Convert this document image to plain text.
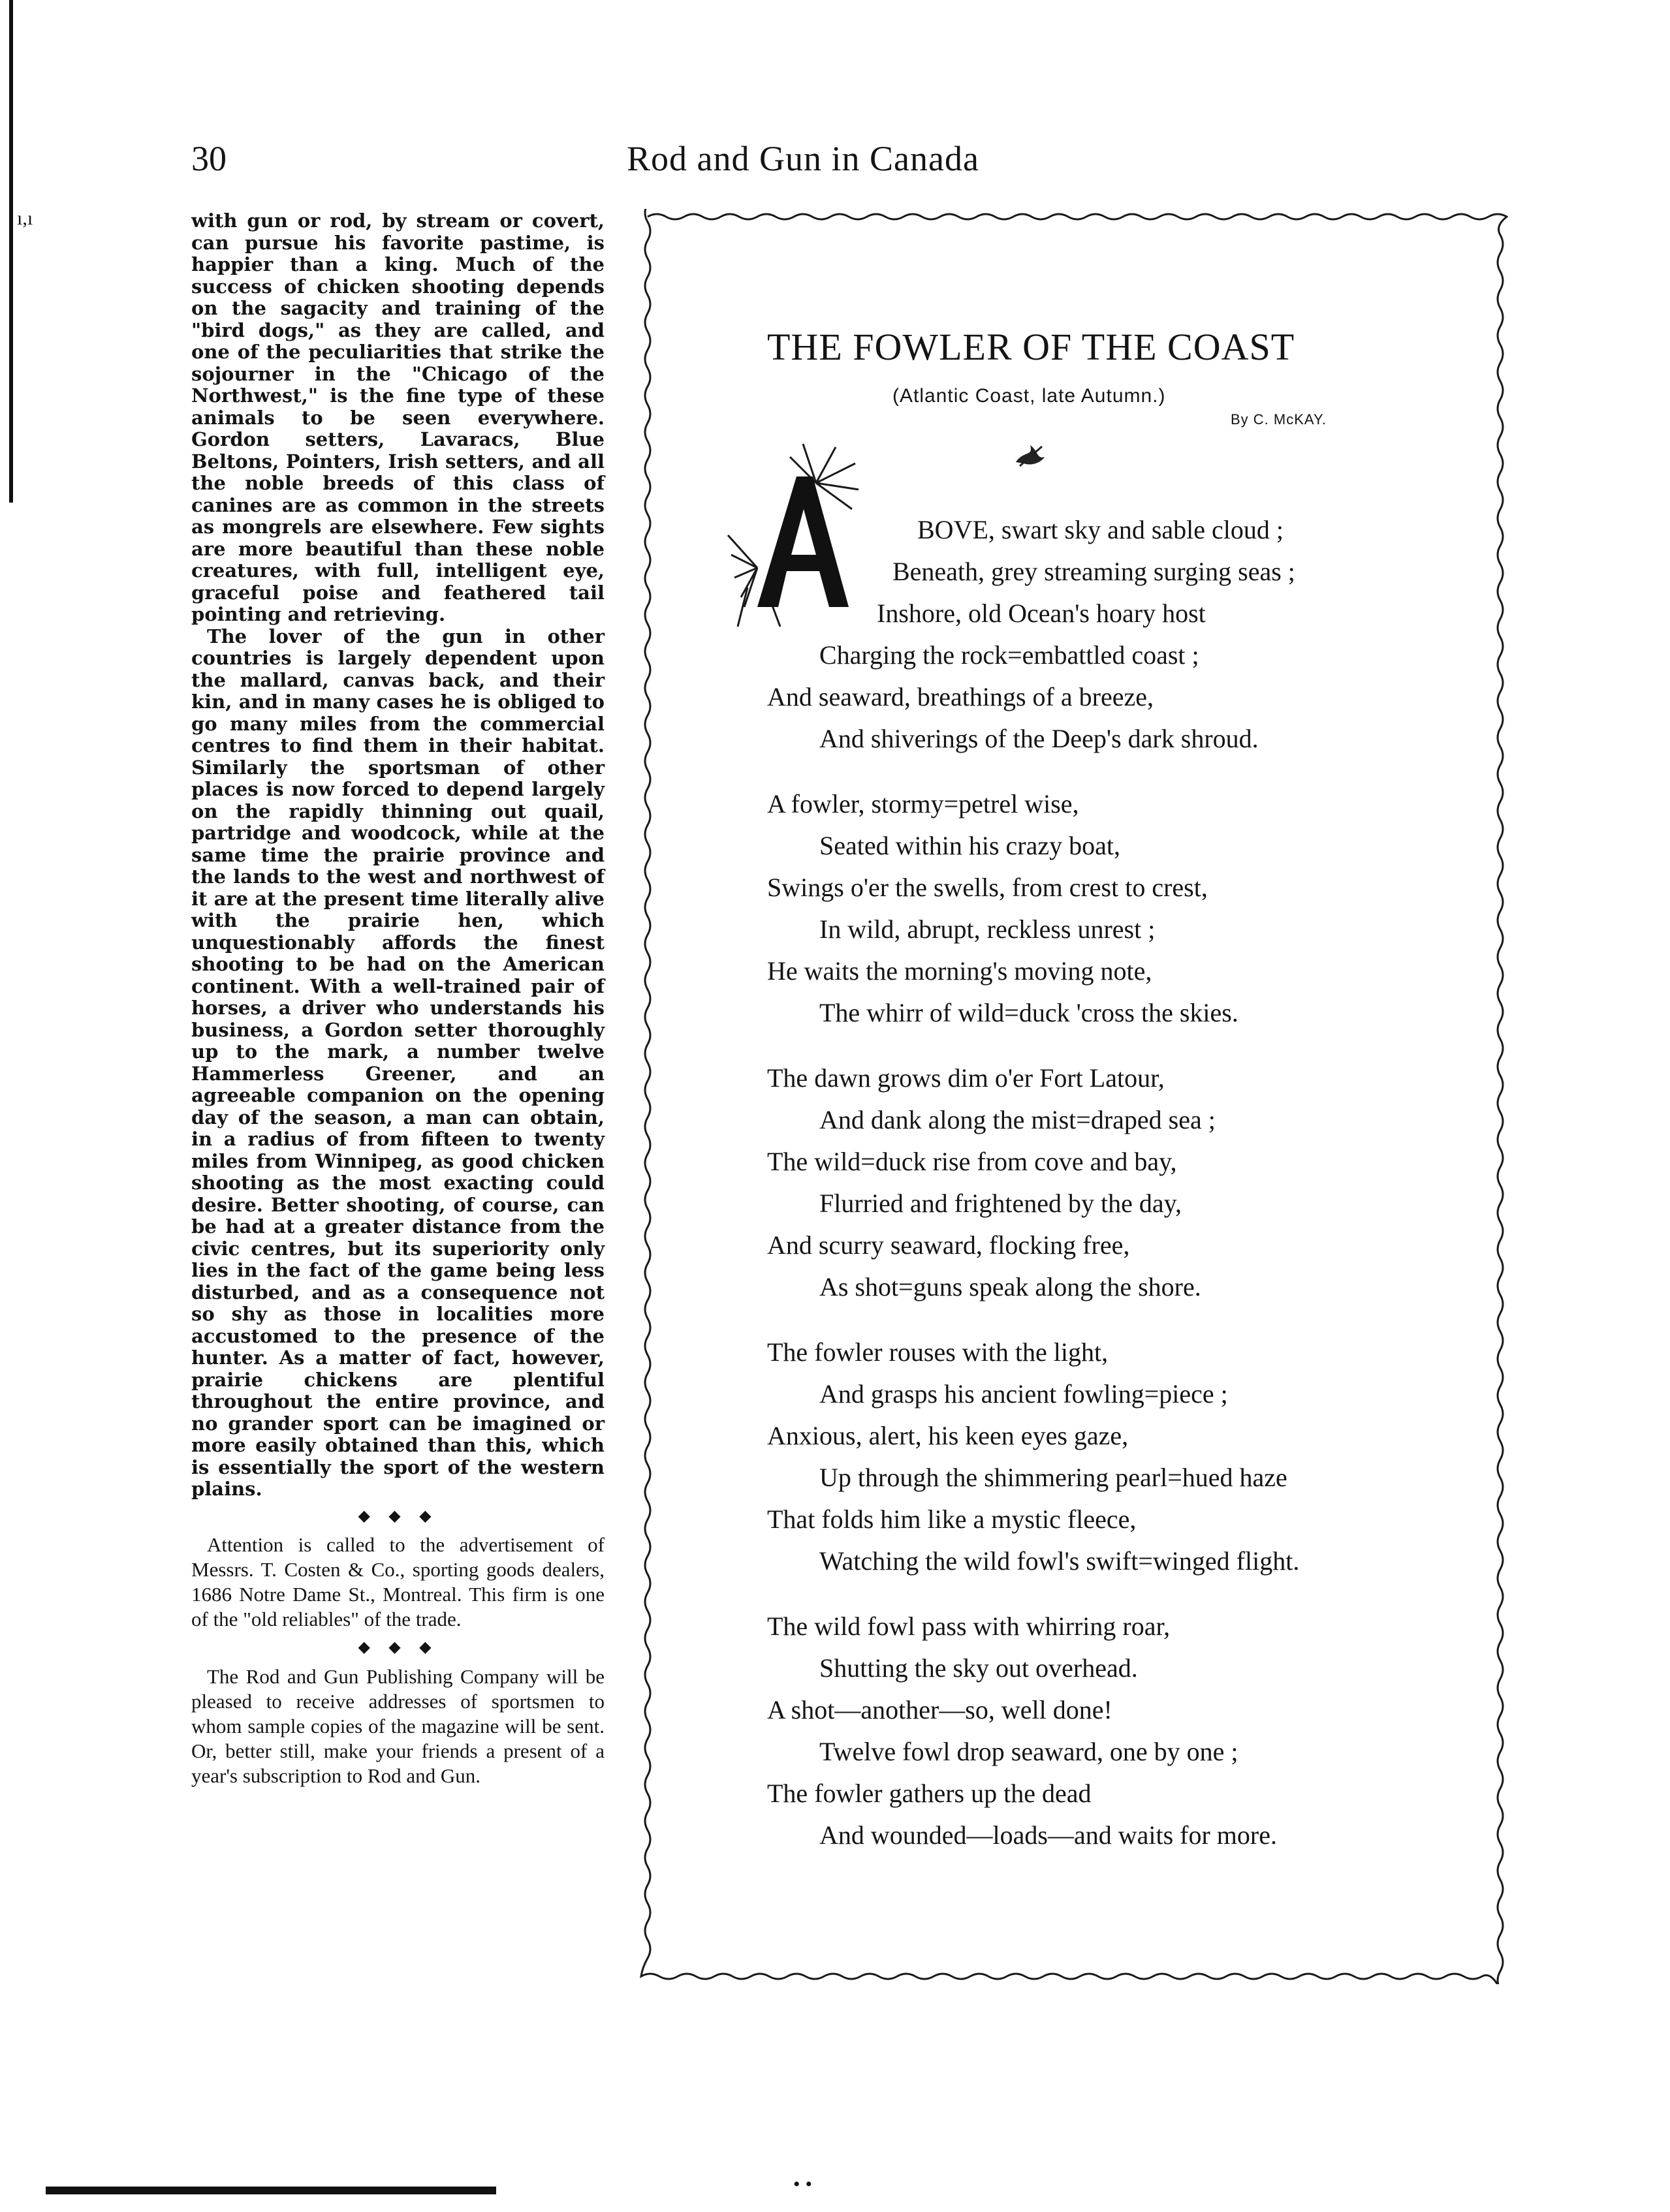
ı,ı
30	Rod and Gun in Canada

with gun or rod, by stream or covert, can pursue his favorite pastime, is happier than a king. Much of the success of chicken shooting depends on the sagacity and training of the "bird dogs," as they are called, and one of the peculiarities that strike the sojourner in the "Chicago of the Northwest," is the fine type of these animals to be seen everywhere. Gordon setters, Lavaracs, Blue Beltons, Pointers, Irish setters, and all the noble breeds of this class of canines are as common in the streets as mongrels are elsewhere. Few sights are more beautiful than these noble creatures, with full, intelligent eye, graceful poise and feathered tail pointing and retrieving.

The lover of the gun in other countries is largely dependent upon the mallard, canvas back, and their kin, and in many cases he is obliged to go many miles from the commercial centres to find them in their habitat. Similarly the sportsman of other places is now forced to depend largely on the rapidly thinning out quail, partridge and woodcock, while at the same time the prairie province and the lands to the west and northwest of it are at the present time literally alive with the prairie hen, which unquestionably affords the finest shooting to be had on the American continent. With a well-trained pair of horses, a driver who understands his business, a Gordon setter thoroughly up to the mark, a number twelve Hammerless Greener, and an agreeable companion on the opening day of the season, a man can obtain, in a radius of from fifteen to twenty miles from Winnipeg, as good chicken shooting as the most exacting could desire. Better shooting, of course, can be had at a greater distance from the civic centres, but its superiority only lies in the fact of the game being less disturbed, and as a consequence not so shy as those in localities more accustomed to the presence of the hunter. As a matter of fact, however, prairie chickens are plentiful throughout the entire province, and no grander sport can be imagined or more easily obtained than this, which is essentially the sport of the western plains.

◆ ◆ ◆

Attention is called to the advertisement of Messrs. T. Costen & Co., sporting goods dealers, 1686 Notre Dame St., Montreal. This firm is one of the "old reliables" of the trade.

◆ ◆ ◆

The Rod and Gun Publishing Company will be pleased to receive addresses of sportsmen to whom sample copies of the magazine will be sent. Or, better still, make your friends a present of a year's subscription to Rod and Gun.

THE FOWLER OF THE COAST
(Atlantic Coast, late Autumn.)
By C. McKAY.
BOVE, swart sky and sable cloud ;
Beneath, grey streaming surging seas ;
Inshore, old Ocean's hoary host
Charging the rock=embattled coast ;
And seaward, breathings of a breeze,
And shiverings of the Deep's dark shroud.
A fowler, stormy=petrel wise,
Seated within his crazy boat,
Swings o'er the swells, from crest to crest,
In wild, abrupt, reckless unrest ;
He waits the morning's moving note,
The whirr of wild=duck 'cross the skies.
The dawn grows dim o'er Fort Latour,
And dank along the mist=draped sea ;
The wild=duck rise from cove and bay,
Flurried and frightened by the day,
And scurry seaward, flocking free,
As shot=guns speak along the shore.
The fowler rouses with the light,
And grasps his ancient fowling=piece ;
Anxious, alert, his keen eyes gaze,
Up through the shimmering pearl=hued haze
That folds him like a mystic fleece,
Watching the wild fowl's swift=winged flight.
The wild fowl pass with whirring roar,
Shutting the sky out overhead.
A shot—another—so, well done!
Twelve fowl drop seaward, one by one ;
The fowler gathers up the dead
And wounded—loads—and waits for more.
••
